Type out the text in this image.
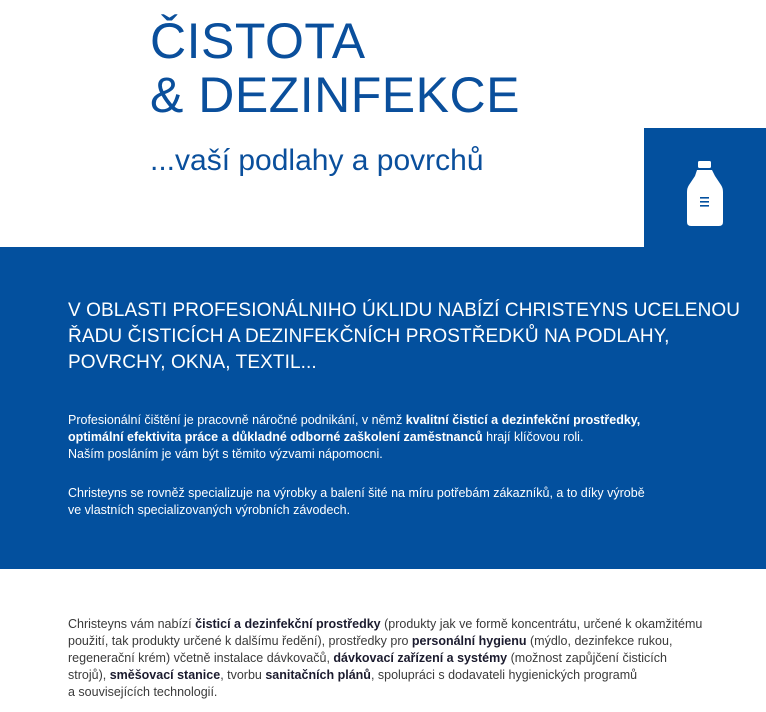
ČISTOTA
& DEZINFEKCE
...vaší podlahy a povrchů
V OBLASTI PROFESIONÁLNIHO ÚKLIDU NABÍZÍ CHRISTEYNS UCELENOU
ŘADU ČISTICÍCH A DEZINFEKČNÍCH PROSTŘEDKŮ NA PODLAHY,
POVRCHY, OKNA, TEXTIL...

Profesionální čištění je pracovně náročné podnikání, v němž kvalitní čisticí a dezinfekční prostředky,
optimální efektivita práce a důkladné odborné zaškolení zaměstnanců hrají klíčovou roli.
Naším posláním je vám být s těmito výzvami nápomocni.

Christeyns se rovněž specializuje na výrobky a balení šité na míru potřebám zákazníků, a to díky výrobě
ve vlastních specializovaných výrobních závodech.

Christeyns vám nabízí čisticí a dezinfekční prostředky (produkty jak ve formě koncentrátu, určené k okamžitému
použití, tak produkty určené k dalšímu ředění), prostředky pro personální hygienu (mýdlo, dezinfekce rukou,
regenerační krém) včetně instalace dávkovačů, dávkovací zařízení a systémy (možnost zapůjčení čisticích
strojů), směšovací stanice, tvorbu sanitačních plánů, spolupráci s dodavateli hygienických programů
a souvisejících technologií.
